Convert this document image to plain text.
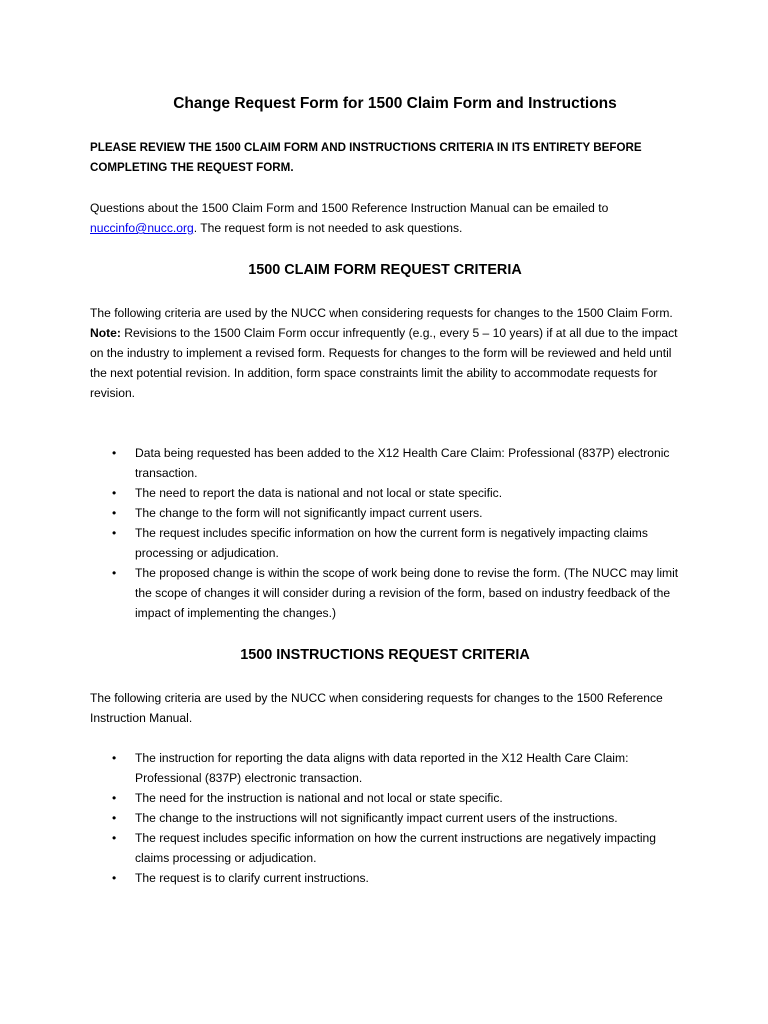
Change Request Form for 1500 Claim Form and Instructions

PLEASE REVIEW THE 1500 CLAIM FORM AND INSTRUCTIONS CRITERIA IN ITS ENTIRETY BEFORE COMPLETING THE REQUEST FORM.

Questions about the 1500 Claim Form and 1500 Reference Instruction Manual can be emailed to nuccinfo@nucc.org. The request form is not needed to ask questions.

1500 CLAIM FORM REQUEST CRITERIA

The following criteria are used by the NUCC when considering requests for changes to the 1500 Claim Form.

Note: Revisions to the 1500 Claim Form occur infrequently (e.g., every 5 – 10 years) if at all due to the impact on the industry to implement a revised form. Requests for changes to the form will be reviewed and held until the next potential revision. In addition, form space constraints limit the ability to accommodate requests for revision.

• Data being requested has been added to the X12 Health Care Claim: Professional (837P) electronic transaction.
• The need to report the data is national and not local or state specific.
• The change to the form will not significantly impact current users.
• The request includes specific information on how the current form is negatively impacting claims processing or adjudication.
• The proposed change is within the scope of work being done to revise the form. (The NUCC may limit the scope of changes it will consider during a revision of the form, based on industry feedback of the impact of implementing the changes.)
1500 INSTRUCTIONS REQUEST CRITERIA

The following criteria are used by the NUCC when considering requests for changes to the 1500 Reference Instruction Manual.

• The instruction for reporting the data aligns with data reported in the X12 Health Care Claim: Professional (837P) electronic transaction.
• The need for the instruction is national and not local or state specific.
• The change to the instructions will not significantly impact current users of the instructions.
• The request includes specific information on how the current instructions are negatively impacting claims processing or adjudication.
• The request is to clarify current instructions.
